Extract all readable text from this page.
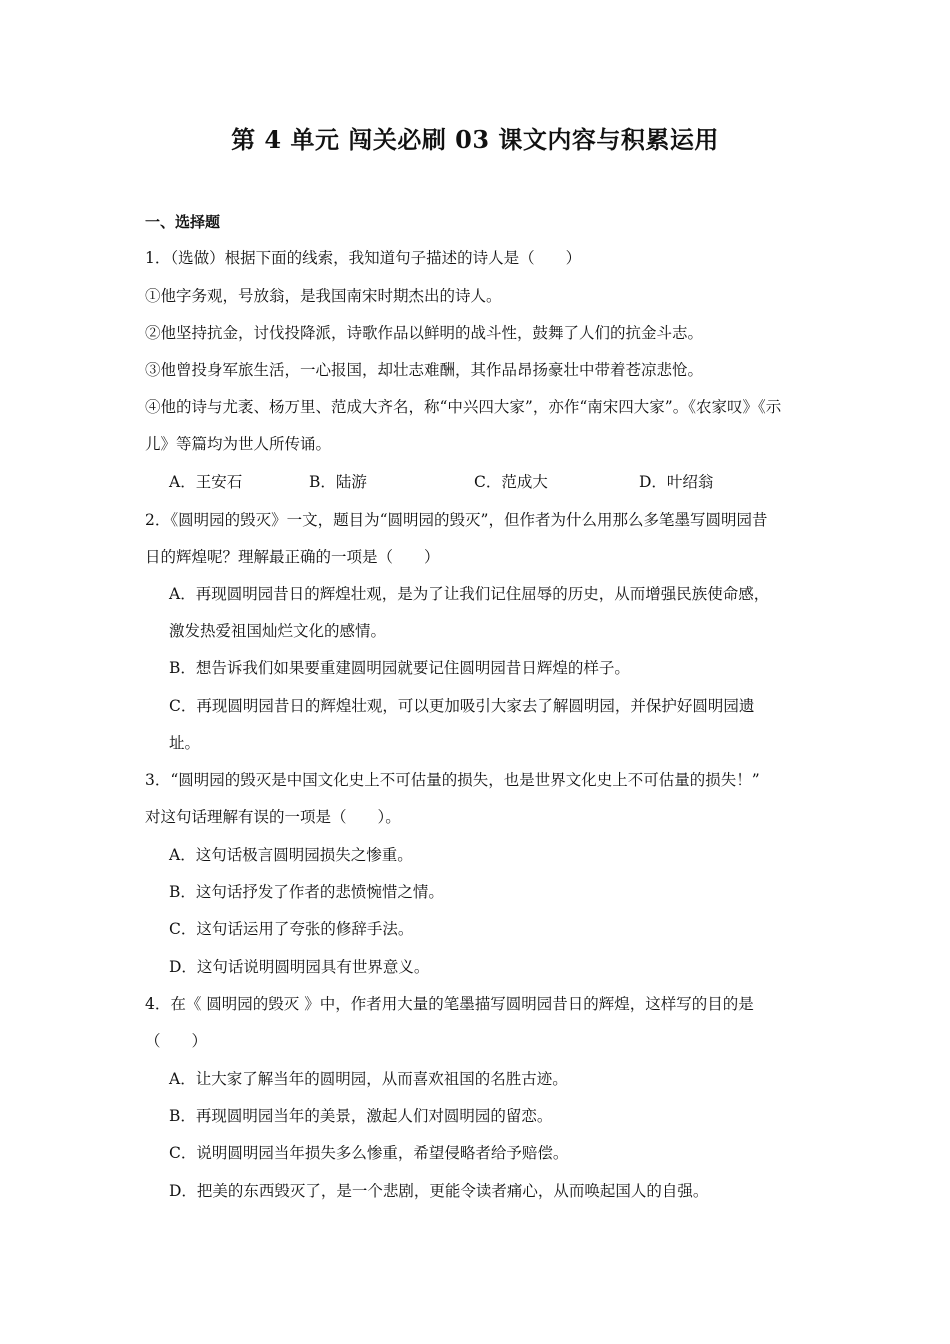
第 4 单元 闯关必刷 03 课文内容与积累运用
一、选择题
1．（选做）根据下面的线索，我知道句子描述的诗人是（　　）
①他字务观，号放翁，是我国南宋时期杰出的诗人。
②他坚持抗金，讨伐投降派，诗歌作品以鲜明的战斗性，鼓舞了人们的抗金斗志。
③他曾投身军旅生活，一心报国，却壮志难酬，其作品昂扬豪壮中带着苍凉悲怆。
④他的诗与尤袤、杨万里、范成大齐名，称“中兴四大家”，亦作“南宋四大家”。《农家叹》《示
儿》等篇均为世人所传诵。
A．王安石	B．陆游	C．范成大	D．叶绍翁
2．《圆明园的毁灭》一文，题目为“圆明园的毁灭”，但作者为什么用那么多笔墨写圆明园昔
日的辉煌呢？理解最正确的一项是（　　）
A．再现圆明园昔日的辉煌壮观，是为了让我们记住屈辱的历史，从而增强民族使命感，
激发热爱祖国灿烂文化的感情。
B．想告诉我们如果要重建圆明园就要记住圆明园昔日辉煌的样子。
C．再现圆明园昔日的辉煌壮观，可以更加吸引大家去了解圆明园，并保护好圆明园遗
址。
3．“圆明园的毁灭是中国文化史上不可估量的损失，也是世界文化史上不可估量的损失！”
对这句话理解有误的一项是（　　）。
A．这句话极言圆明园损失之惨重。
B．这句话抒发了作者的悲愤惋惜之情。
C．这句话运用了夸张的修辞手法。
D．这句话说明圆明园具有世界意义。
4．在《 圆明园的毁灭 》中，作者用大量的笔墨描写圆明园昔日的辉煌，这样写的目的是
（　　）
A．让大家了解当年的圆明园，从而喜欢祖国的名胜古迹。
B．再现圆明园当年的美景，激起人们对圆明园的留恋。
C．说明圆明园当年损失多么惨重，希望侵略者给予赔偿。
D．把美的东西毁灭了，是一个悲剧，更能令读者痛心，从而唤起国人的自强。
